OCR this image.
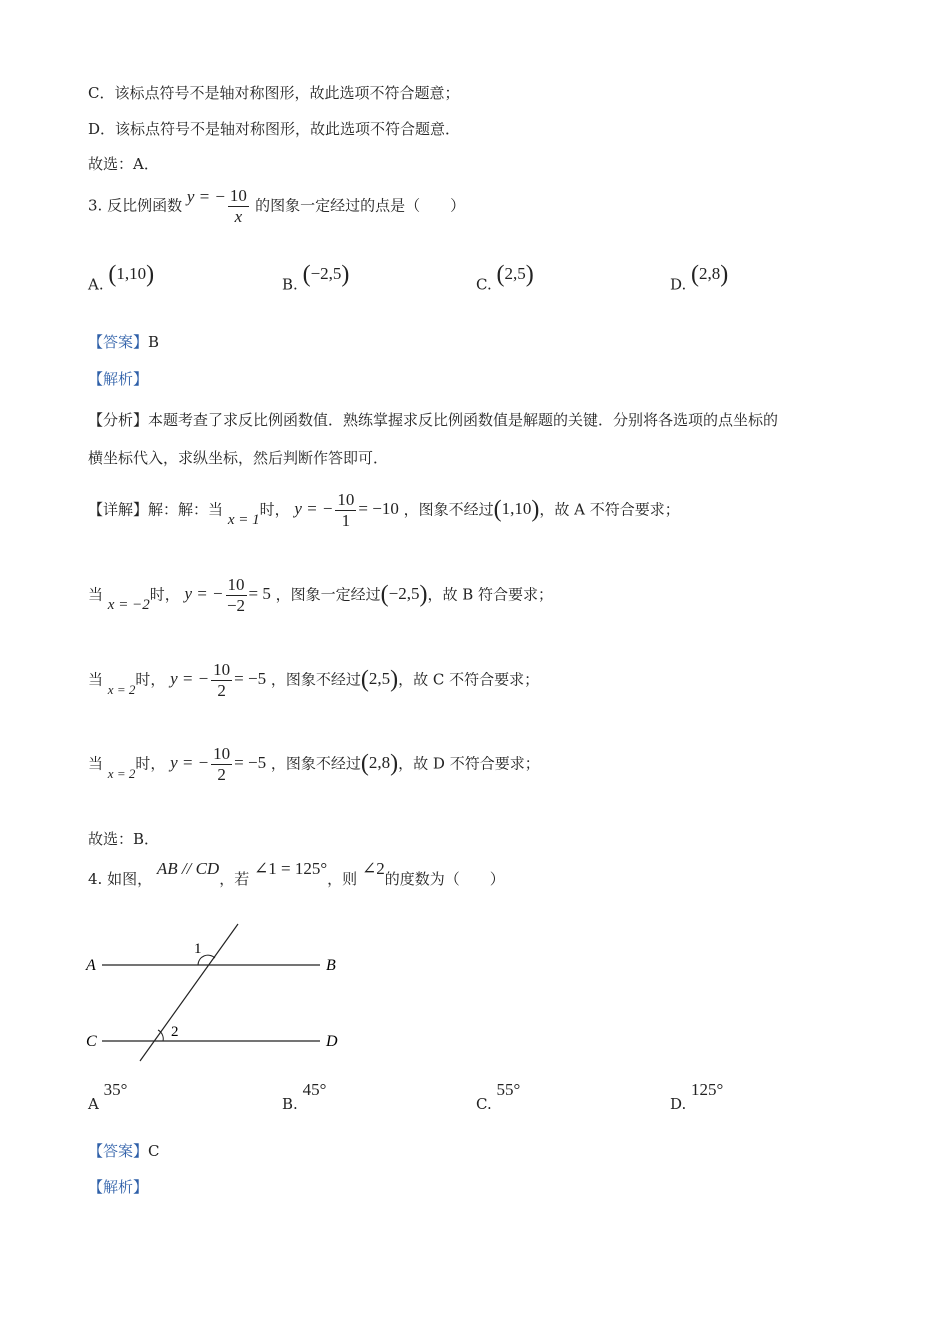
C．该标点符号不是轴对称图形，故此选项不符合题意；
D．该标点符号不是轴对称图形，故此选项不符合题意．
故选：A．
3. 反比例函数 y = − $\frac{10}{x}$ 的图象一定经过的点是（　　）
A. (1,10)	B. (−2,5)	C. (2,5)	D. (2,8)
【答案】B
【解析】
【分析】本题考查了求反比例函数值．熟练掌握求反比例函数值是解题的关键．分别将各选项的点坐标的
横坐标代入，求纵坐标，然后判断作答即可．
【详解】解：解：当 x = 1时， y = − $\frac{10}{1} = -10$ ，图象不经过(1,10)，故 A 不符合要求；
当 x = −2时， y = − $\frac{10}{-2} = 5$ ，图象一定经过(−2,5)，故 B 符合要求；
当 x = 2时， y = − $\frac{10}{2} = -5$ ，图象不经过(2,5)，故 C 不符合要求；
当 x = 2时， y = − $\frac{10}{2} = -5$ ，图象不经过(2,8)，故 D 不符合要求；
故选：B．
4. 如图， AB // CD，若 ∠1 = 125°，则 ∠2的度数为（　　）
A	B
C	D
1
2
A 35°
B. 45°
C. 55°
D. 125°
【答案】C
【解析】
